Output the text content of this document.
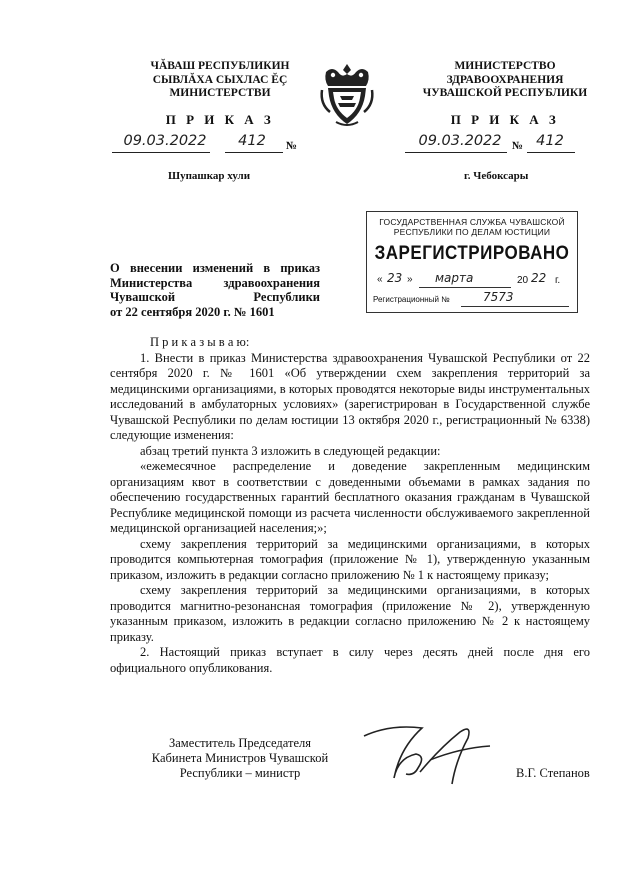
ЧĂВАШ РЕСПУБЛИКИН
СЫВЛĂХА СЫХЛАС ĔÇ
МИНИСТЕРСТВИ
П Р И К А З
09.03.2022	412	№
Шупашкар хули
МИНИСТЕРСТВО
ЗДРАВООХРАНЕНИЯ
ЧУВАШСКОЙ РЕСПУБЛИКИ
П Р И К А З
09.03.2022 № 412
г. Чебоксары
ГОСУДАРСТВЕННАЯ СЛУЖБА ЧУВАШСКОЙ
РЕСПУБЛИКИ ПО ДЕЛАМ ЮСТИЦИИ
ЗАРЕГИСТРИРОВАНО
« 23 » марта	20 22 г.
Регистрационный №	7573
О внесении изменений в приказ
Министерства здравоохранения
Чувашской Республики
от 22 сентября 2020 г. № 1601

П р и к а з ы в а ю:

1. Внести в приказ Министерства здравоохранения Чувашской Республики от 22 сентября 2020 г. № 1601 «Об утверждении схем закрепления территорий за медицинскими организациями, в которых проводятся некоторые виды инструментальных исследований в амбулаторных условиях» (зарегистрирован в Государственной службе Чувашской Республики по делам юстиции 13 октября 2020 г., регистрационный № 6338) следующие изменения:

абзац третий пункта 3 изложить в следующей редакции:

«ежемесячное распределение и доведение закрепленным медицинским организациям квот в соответствии с доведенными объемами в рамках задания по обеспечению государственных гарантий бесплатного оказания гражданам в Чувашской Республике медицинской помощи из расчета численности обслуживаемого закрепленной медицинской организацией населения;»;

схему закрепления территорий за медицинскими организациями, в которых проводится компьютерная томография (приложение № 1), утвержденную указанным приказом, изложить в редакции согласно приложению № 1 к настоящему приказу;

схему закрепления территорий за медицинскими организациями, в которых проводится магнитно-резонансная томография (приложение № 2), утвержденную указанным приказом, изложить в редакции согласно приложению № 2 к настоящему приказу.

2. Настоящий приказ вступает в силу через десять дней после дня его официального опубликования.

Заместитель Председателя
Кабинета Министров Чувашской
Республики – министр	В.Г. Степанов
